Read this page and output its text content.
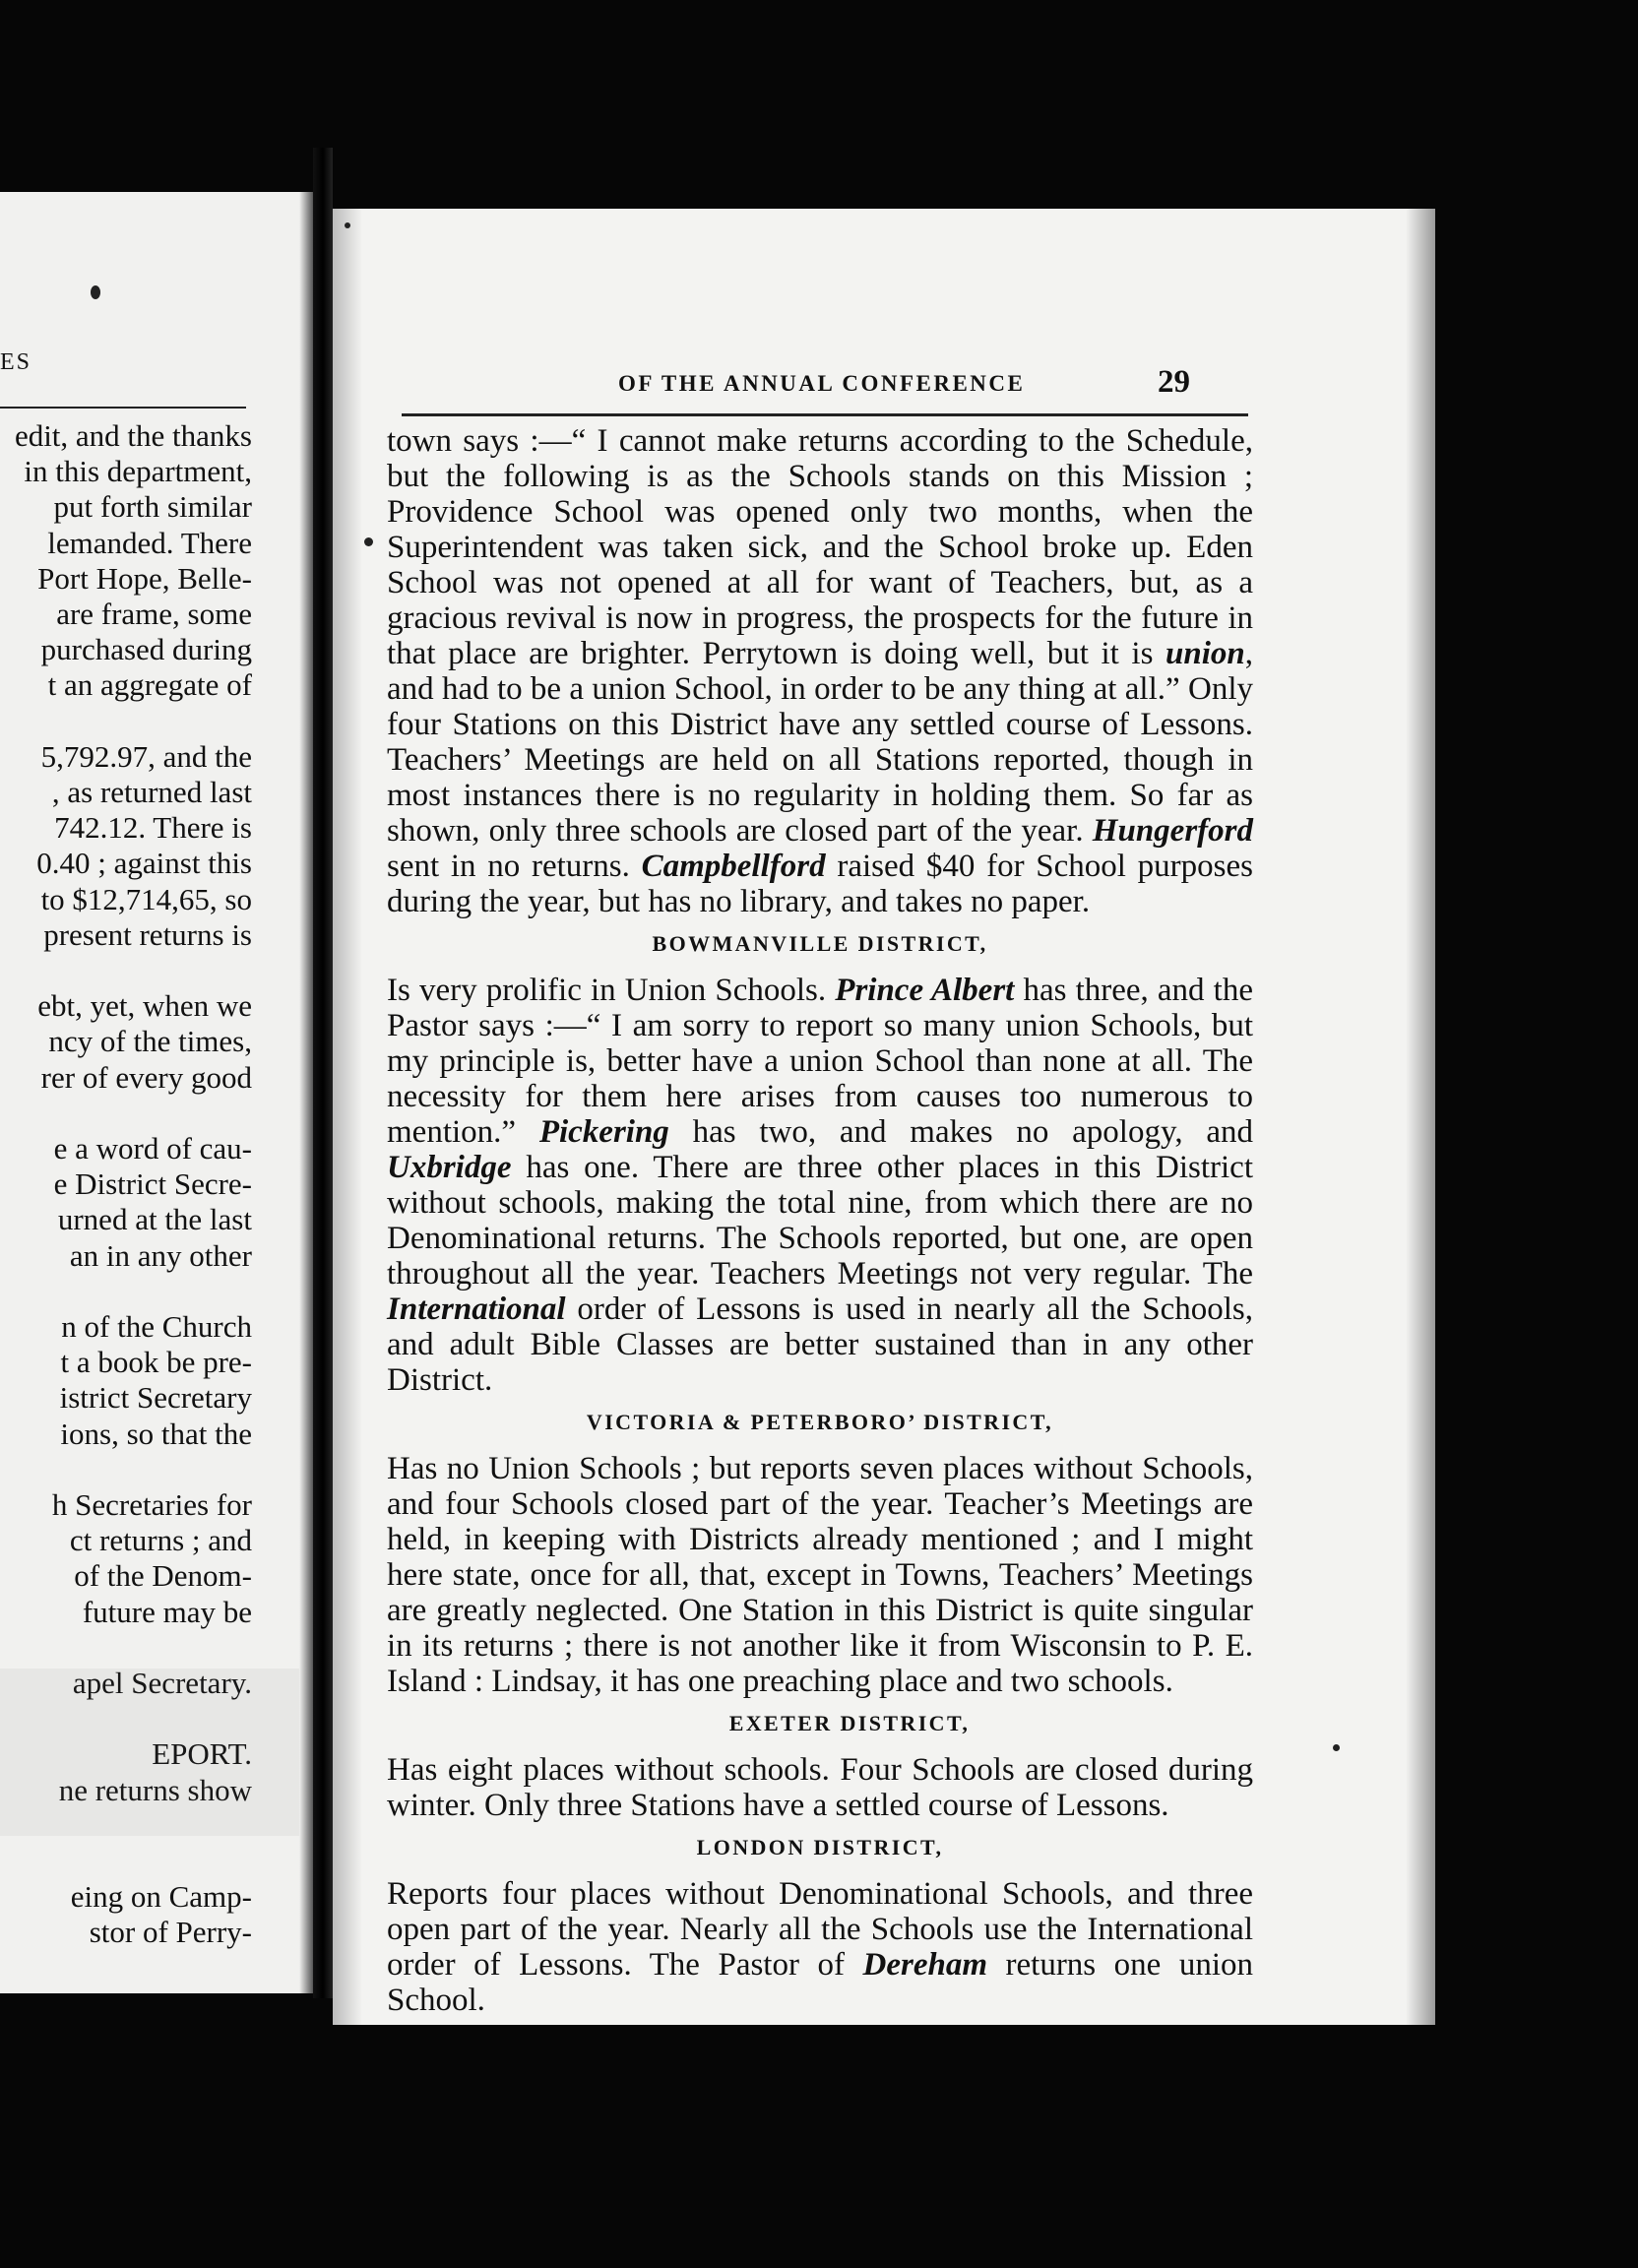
ES
edit, and the thanks
in this department,
put forth similar
lemanded. There
Port Hope, Belle-
are frame, some
purchased during
t an aggregate of
5,792.97, and the
, as returned last
742.12. There is
0.40 ; against this
to $12,714,65, so
present returns is
ebt, yet, when we
ncy of the times,
rer of every good
e a word of cau-
e District Secre-
urned at the last
an in any other
n of the Church
t a book be pre-
istrict Secretary
ions, so that the
h Secretaries for
ct returns ; and
of the Denom-
future may be
apel Secretary.
EPORT.
ne returns show
eing on Camp-
stor of Perry-
OF THE ANNUAL CONFERENCE	29

town says :—“ I cannot make returns according to the Schedule, but the following is as the Schools stands on this Mission ; Providence School was opened only two months, when the Superintendent was taken sick, and the School broke up. Eden School was not opened at all for want of Teachers, but, as a gracious revival is now in progress, the prospects for the future in that place are brighter. Perrytown is doing well, but it is union, and had to be a union School, in order to be any thing at all.” Only four Stations on this District have any settled course of Lessons. Teachers’ Meetings are held on all Stations reported, though in most instances there is no regularity in holding them. So far as shown, only three schools are closed part of the year. Hungerford sent in no returns. Campbellford raised $40 for School purposes during the year, but has no library, and takes no paper.

BOWMANVILLE DISTRICT,

Is very prolific in Union Schools. Prince Albert has three, and the Pastor says :—“ I am sorry to report so many union Schools, but my principle is, better have a union School than none at all. The necessity for them here arises from causes too numerous to mention.” Pickering has two, and makes no apology, and Uxbridge has one. There are three other places in this District without schools, making the total nine, from which there are no Denominational returns. The Schools reported, but one, are open throughout all the year. Teachers Meetings not very regular. The International order of Lessons is used in nearly all the Schools, and adult Bible Classes are better sustained than in any other District.

VICTORIA & PETERBORO’ DISTRICT,

Has no Union Schools ; but reports seven places without Schools, and four Schools closed part of the year. Teacher’s Meetings are held, in keeping with Districts already mentioned ; and I might here state, once for all, that, except in Towns, Teachers’ Meetings are greatly neglected. One Station in this District is quite singular in its returns ; there is not another like it from Wisconsin to P. E. Island : Lindsay, it has one preaching place and two schools.

EXETER DISTRICT,

Has eight places without schools. Four Schools are closed during winter. Only three Stations have a settled course of Lessons.

LONDON DISTRICT,

Reports four places without Denominational Schools, and three open part of the year. Nearly all the Schools use the International order of Lessons. The Pastor of Dereham returns one union School.
